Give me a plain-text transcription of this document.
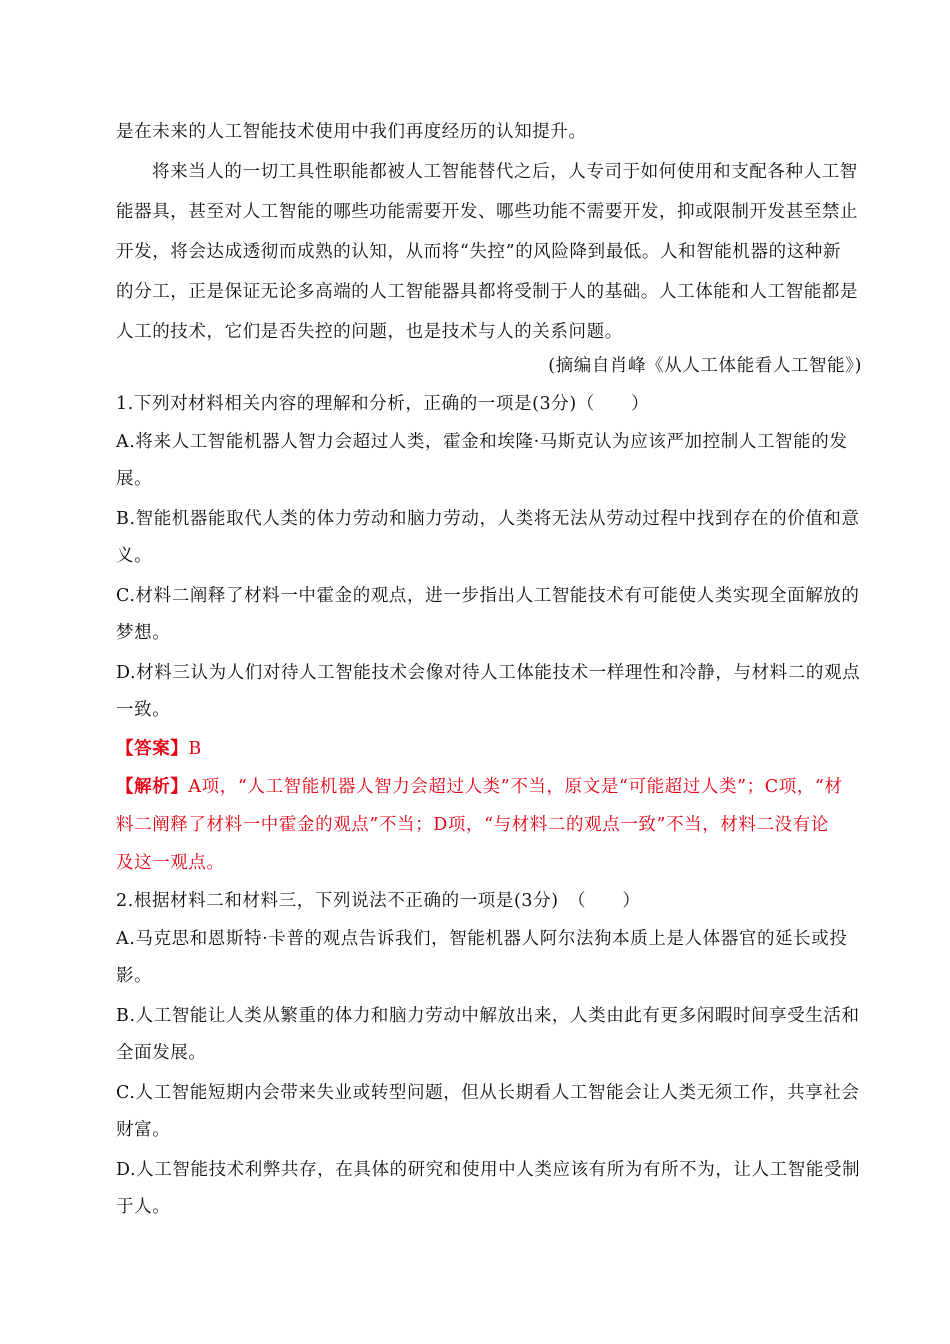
是在未来的人工智能技术使用中我们再度经历的认知提升。
将来当人的一切工具性职能都被人工智能替代之后，人专司于如何使用和支配各种人工智
能器具，甚至对人工智能的哪些功能需要开发、哪些功能不需要开发，抑或限制开发甚至禁止
开发，将会达成透彻而成熟的认知，从而将“失控”的风险降到最低。人和智能机器的这种新
的分工，正是保证无论多高端的人工智能器具都将受制于人的基础。人工体能和人工智能都是
人工的技术，它们是否失控的问题，也是技术与人的关系问题。
(摘编自肖峰《从人工体能看人工智能》)
1.下列对材料相关内容的理解和分析，正确的一项是(3分)（　　）
A.将来人工智能机器人智力会超过人类，霍金和埃隆·马斯克认为应该严加控制人工智能的发
展。
B.智能机器能取代人类的体力劳动和脑力劳动，人类将无法从劳动过程中找到存在的价值和意
义。
C.材料二阐释了材料一中霍金的观点，进一步指出人工智能技术有可能使人类实现全面解放的
梦想。
D.材料三认为人们对待人工智能技术会像对待人工体能技术一样理性和冷静，与材料二的观点
一致。
【答案】B
【解析】A项，“人工智能机器人智力会超过人类”不当，原文是“可能超过人类”；C项，“材
料二阐释了材料一中霍金的观点”不当；D项，“与材料二的观点一致”不当，材料二没有论
及这一观点。
2.根据材料二和材料三，下列说法不正确的一项是(3分)　（　　）
A.马克思和恩斯特·卡普的观点告诉我们，智能机器人阿尔法狗本质上是人体器官的延长或投
影。
B.人工智能让人类从繁重的体力和脑力劳动中解放出来，人类由此有更多闲暇时间享受生活和
全面发展。
C.人工智能短期内会带来失业或转型问题，但从长期看人工智能会让人类无须工作，共享社会
财富。
D.人工智能技术利弊共存，在具体的研究和使用中人类应该有所为有所不为，让人工智能受制
于人。
